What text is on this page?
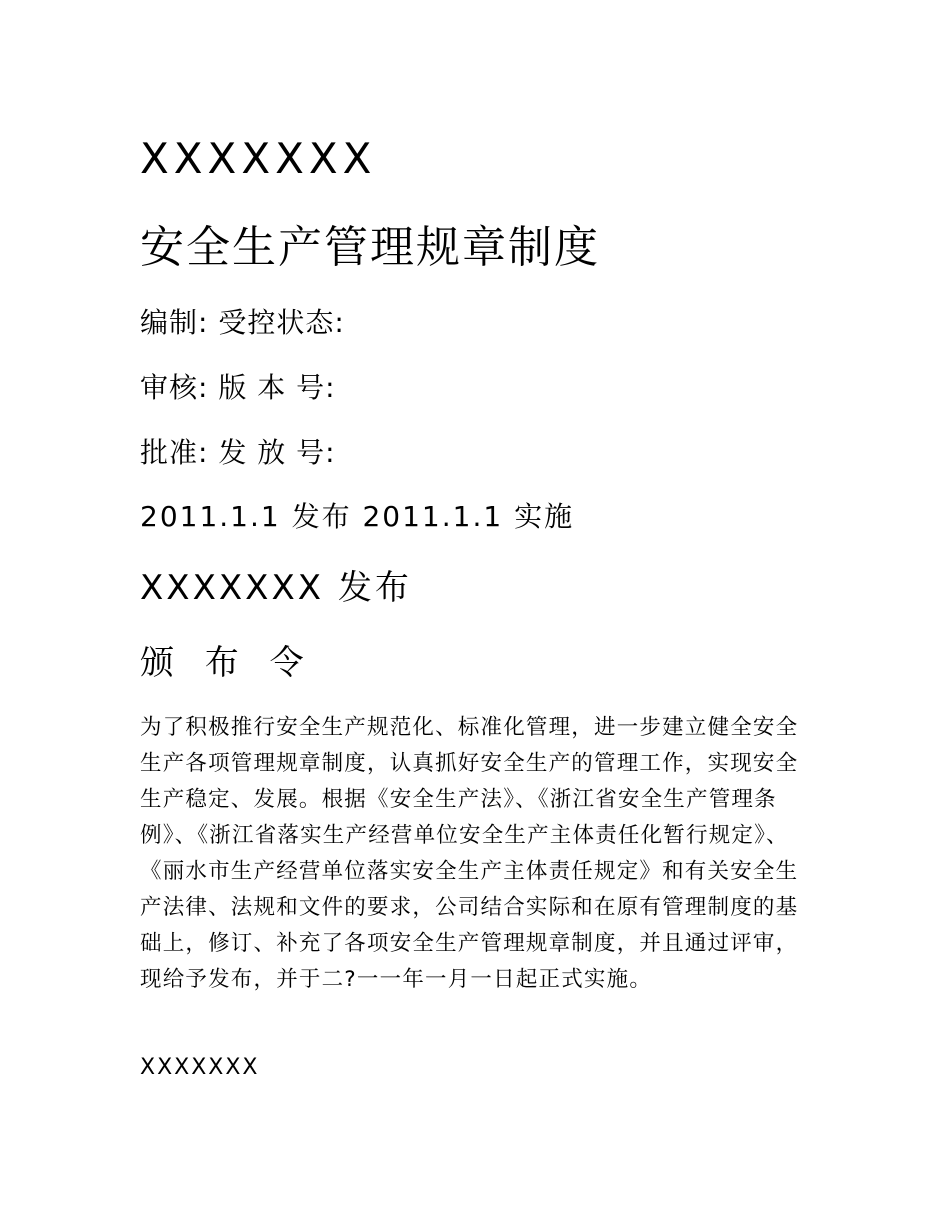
XXXXXXX
安全生产管理规章制度
编制: 受控状态:
审核: 版 本 号:
批准: 发 放 号:
2011.1.1 发布 2011.1.1 实施
XXXXXXX 发布
颁 布 令
为了积极推行安全生产规范化、标准化管理，进一步建立健全安全生产各项管理规章制度，认真抓好安全生产的管理工作，实现安全生产稳定、发展。根据《安全生产法》、《浙江省安全生产管理条例》、《浙江省落实生产经营单位安全生产主体责任化暂行规定》、《丽水市生产经营单位落实安全生产主体责任规定》和有关安全生产法律、法规和文件的要求，公司结合实际和在原有管理制度的基础上，修订、补充了各项安全生产管理规章制度，并且通过评审，现给予发布，并于二?一一年一月一日起正式实施。
XXXXXXX
